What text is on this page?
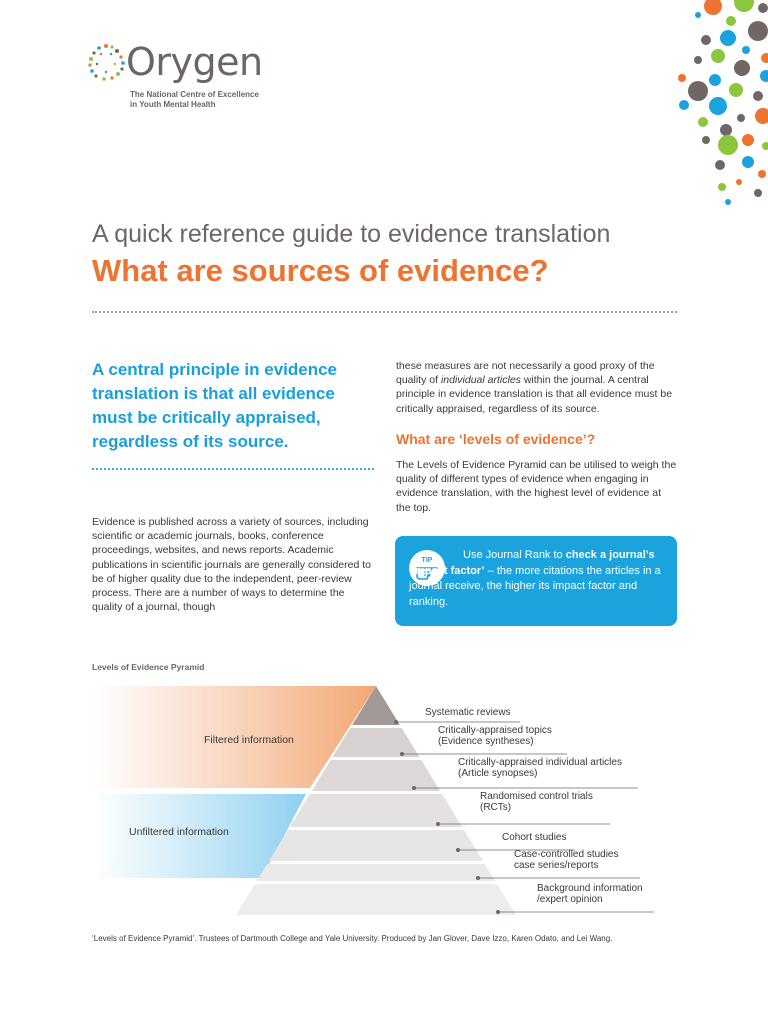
Orygen
The National Centre of Excellence
in Youth Mental Health
A quick reference guide to evidence translation
What are sources of evidence?
A central principle in evidence translation is that all evidence must be critically appraised, regardless of its source.
Evidence is published across a variety of sources, including scientific or academic journals, books, conference proceedings, websites, and news reports. Academic publications in scientific journals are generally considered to be of higher quality due to the independent, peer-review process. There are a number of ways to determine the quality of a journal, though
these measures are not necessarily a good proxy of the quality of individual articles within the journal. A central principle in evidence translation is that all evidence must be critically appraised, regardless of its source.
What are ‘levels of evidence’?
The Levels of Evidence Pyramid can be utilised to weigh the quality of different types of evidence when engaging in evidence translation, with the highest level of evidence at the top.
TIP	Use Journal Rank to check a journal’s ‘impact factor’ – the more citations the articles in a journal receive, the higher its impact factor and ranking.
Levels of Evidence Pyramid
Systematic reviews
Critically-appraised topics (Evidence syntheses)
Critically-appraised individual articles (Article synopses)
Randomised control trials (RCTs)
Cohort studies
Case-controlled studies case series/reports
Background information /expert opinion
Filtered information
Unfiltered information
‘Levels of Evidence Pyramid’. Trustees of Dartmouth College and Yale University. Produced by Jan Glover, Dave Izzo, Karen Odato, and Lei Wang.
